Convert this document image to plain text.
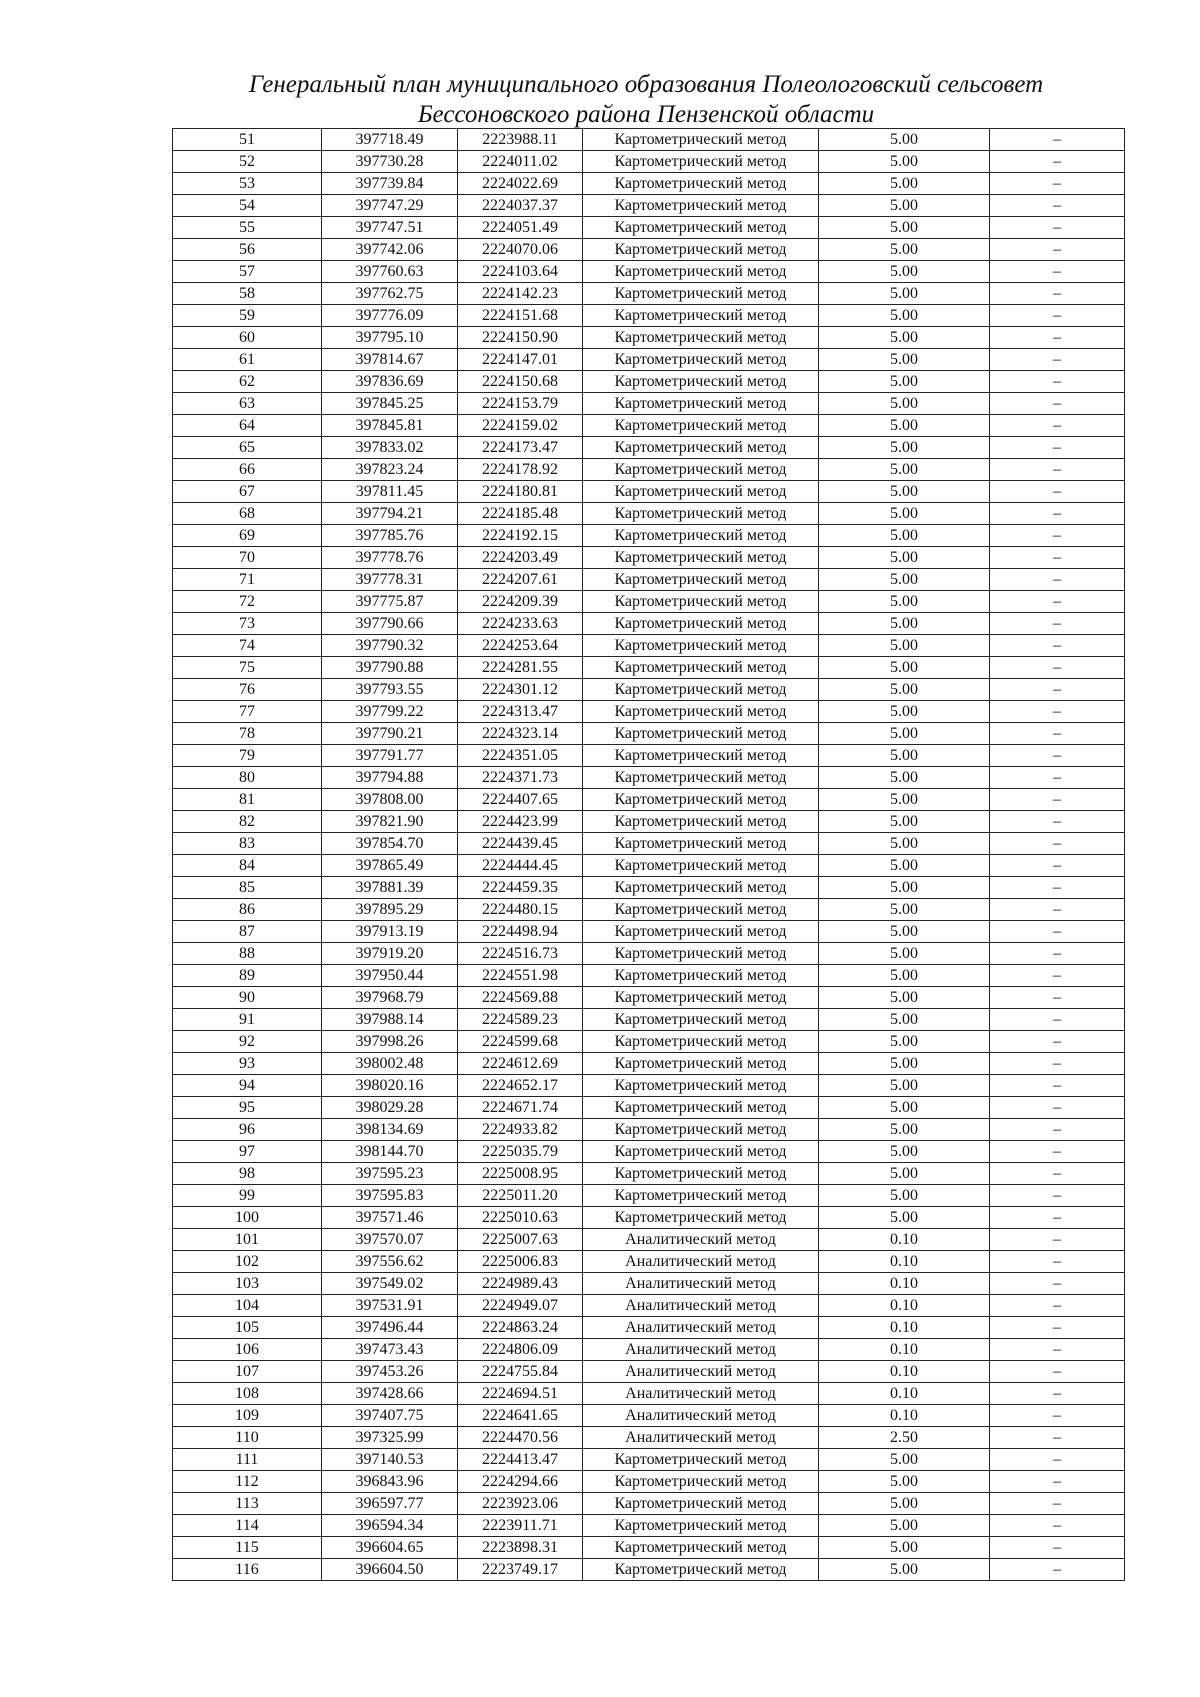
Генеральный план муниципального образования Полеологовский сельсовет
Бессоновского района Пензенской области
51	397718.49	2223988.11	Картометрический метод	5.00	–
52	397730.28	2224011.02	Картометрический метод	5.00	–
53	397739.84	2224022.69	Картометрический метод	5.00	–
54	397747.29	2224037.37	Картометрический метод	5.00	–
55	397747.51	2224051.49	Картометрический метод	5.00	–
56	397742.06	2224070.06	Картометрический метод	5.00	–
57	397760.63	2224103.64	Картометрический метод	5.00	–
58	397762.75	2224142.23	Картометрический метод	5.00	–
59	397776.09	2224151.68	Картометрический метод	5.00	–
60	397795.10	2224150.90	Картометрический метод	5.00	–
61	397814.67	2224147.01	Картометрический метод	5.00	–
62	397836.69	2224150.68	Картометрический метод	5.00	–
63	397845.25	2224153.79	Картометрический метод	5.00	–
64	397845.81	2224159.02	Картометрический метод	5.00	–
65	397833.02	2224173.47	Картометрический метод	5.00	–
66	397823.24	2224178.92	Картометрический метод	5.00	–
67	397811.45	2224180.81	Картометрический метод	5.00	–
68	397794.21	2224185.48	Картометрический метод	5.00	–
69	397785.76	2224192.15	Картометрический метод	5.00	–
70	397778.76	2224203.49	Картометрический метод	5.00	–
71	397778.31	2224207.61	Картометрический метод	5.00	–
72	397775.87	2224209.39	Картометрический метод	5.00	–
73	397790.66	2224233.63	Картометрический метод	5.00	–
74	397790.32	2224253.64	Картометрический метод	5.00	–
75	397790.88	2224281.55	Картометрический метод	5.00	–
76	397793.55	2224301.12	Картометрический метод	5.00	–
77	397799.22	2224313.47	Картометрический метод	5.00	–
78	397790.21	2224323.14	Картометрический метод	5.00	–
79	397791.77	2224351.05	Картометрический метод	5.00	–
80	397794.88	2224371.73	Картометрический метод	5.00	–
81	397808.00	2224407.65	Картометрический метод	5.00	–
82	397821.90	2224423.99	Картометрический метод	5.00	–
83	397854.70	2224439.45	Картометрический метод	5.00	–
84	397865.49	2224444.45	Картометрический метод	5.00	–
85	397881.39	2224459.35	Картометрический метод	5.00	–
86	397895.29	2224480.15	Картометрический метод	5.00	–
87	397913.19	2224498.94	Картометрический метод	5.00	–
88	397919.20	2224516.73	Картометрический метод	5.00	–
89	397950.44	2224551.98	Картометрический метод	5.00	–
90	397968.79	2224569.88	Картометрический метод	5.00	–
91	397988.14	2224589.23	Картометрический метод	5.00	–
92	397998.26	2224599.68	Картометрический метод	5.00	–
93	398002.48	2224612.69	Картометрический метод	5.00	–
94	398020.16	2224652.17	Картометрический метод	5.00	–
95	398029.28	2224671.74	Картометрический метод	5.00	–
96	398134.69	2224933.82	Картометрический метод	5.00	–
97	398144.70	2225035.79	Картометрический метод	5.00	–
98	397595.23	2225008.95	Картометрический метод	5.00	–
99	397595.83	2225011.20	Картометрический метод	5.00	–
100	397571.46	2225010.63	Картометрический метод	5.00	–
101	397570.07	2225007.63	Аналитический метод	0.10	–
102	397556.62	2225006.83	Аналитический метод	0.10	–
103	397549.02	2224989.43	Аналитический метод	0.10	–
104	397531.91	2224949.07	Аналитический метод	0.10	–
105	397496.44	2224863.24	Аналитический метод	0.10	–
106	397473.43	2224806.09	Аналитический метод	0.10	–
107	397453.26	2224755.84	Аналитический метод	0.10	–
108	397428.66	2224694.51	Аналитический метод	0.10	–
109	397407.75	2224641.65	Аналитический метод	0.10	–
110	397325.99	2224470.56	Аналитический метод	2.50	–
111	397140.53	2224413.47	Картометрический метод	5.00	–
112	396843.96	2224294.66	Картометрический метод	5.00	–
113	396597.77	2223923.06	Картометрический метод	5.00	–
114	396594.34	2223911.71	Картометрический метод	5.00	–
115	396604.65	2223898.31	Картометрический метод	5.00	–
116	396604.50	2223749.17	Картометрический метод	5.00	–
